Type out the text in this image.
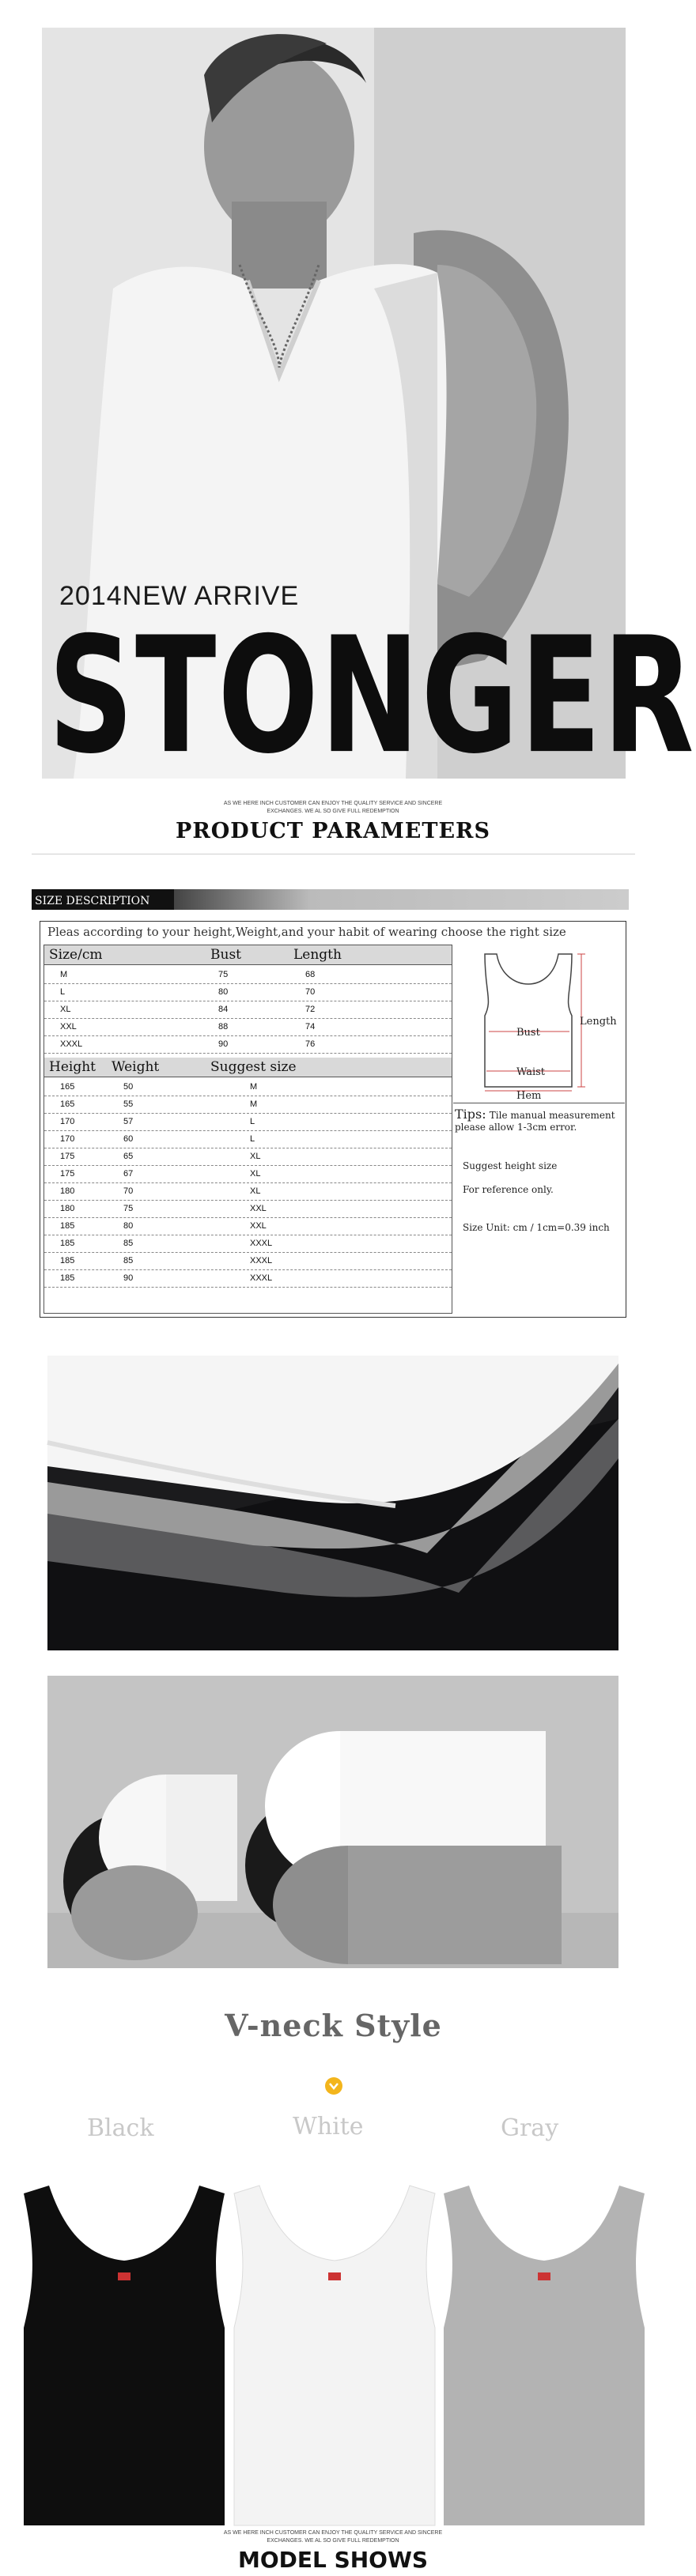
2014NEW ARRIVE
STONGER
AS WE HERE INCH CUSTOMER CAN ENJOY THE QUALITY SERVICE AND SINCERE EXCHANGES. WE AL SO GIVE FULL REDEMPTION
PRODUCT PARAMETERS
SIZE DESCRIPTION
Pleas according to your height,Weight,and your habit of wearing choose the right size
Size/cm	Bust	Length
M	75	68
L	80	70
XL	84	72
XXL	88	74
XXXL	90	76
Height Weight	Suggest size
165	50	M
165	55	M
170	57	L
170	60	L
175	65	XL
175	67	XL
180	70	XL
180	75	XXL
185	80	XXL
185	85	XXXL
185	85	XXXL
185	90	XXXL
Bust
Length
Waist
Hem
Tips: Tile manual measurement please allow 1-3cm error.
Suggest height size
For reference only.
Size Unit: cm / 1cm=0.39 inch
V-neck Style
Black	White	Gray
AS WE HERE INCH CUSTOMER CAN ENJOY THE QUALITY SERVICE AND SINCERE EXCHANGES. WE AL SO GIVE FULL REDEMPTION
MODEL SHOWS
